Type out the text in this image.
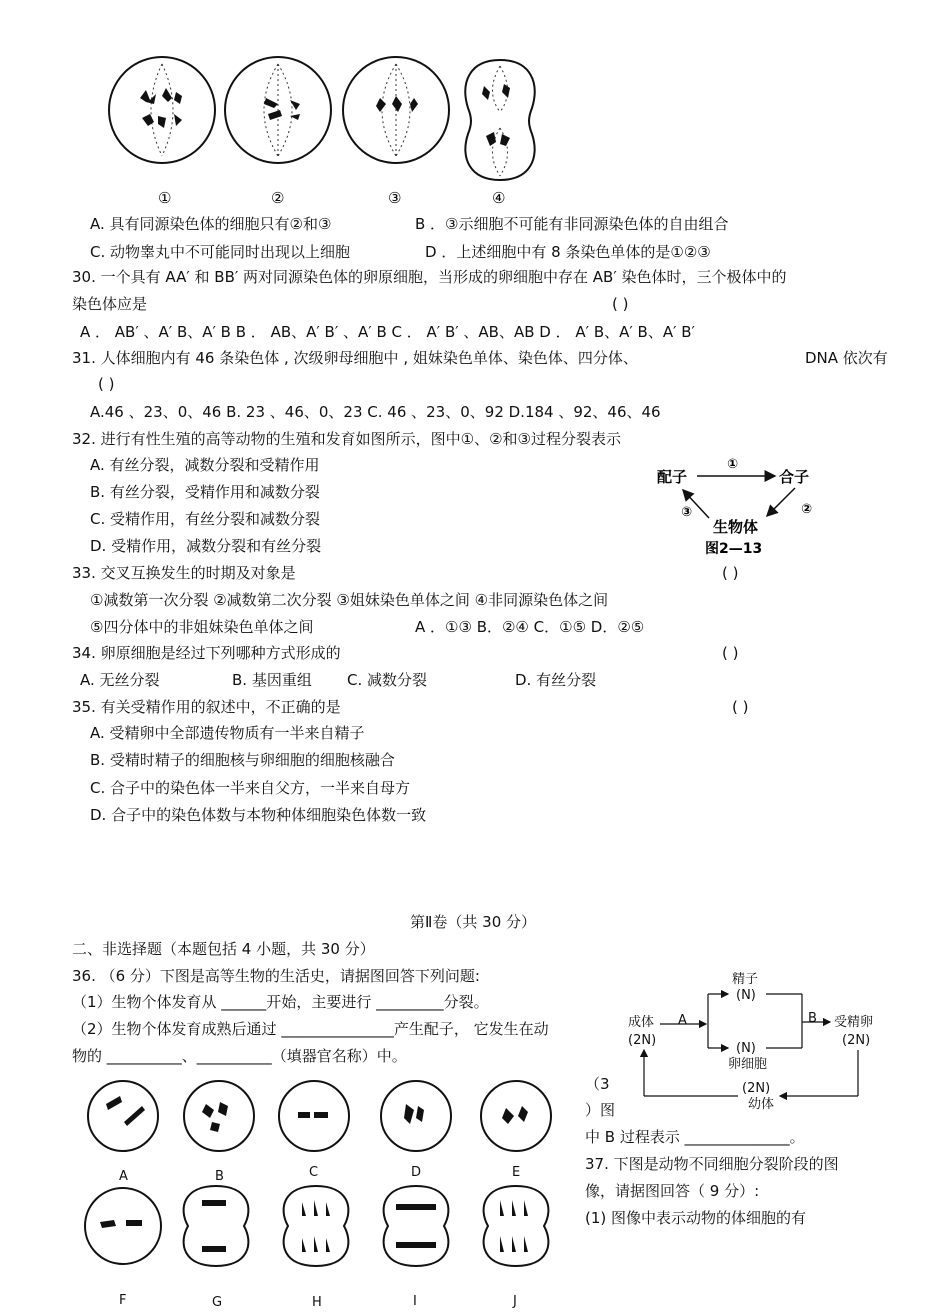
①	②	③	④
A. 具有同源染色体的细胞只有②和③	B ．③示细胞不可能有非同源染色体的自由组合
C. 动物睾丸中不可能同时出现以上细胞	D ．上述细胞中有 8 条染色单体的是①②③
30. 一个具有 AA′ 和 BB′ 两对同源染色体的卵原细胞，当形成的卵细胞中存在 AB′ 染色体时，三个极体中的
染色体应是	( )
A ． AB′ 、A′ B、A′ B B ． AB、A′ B′ 、A′ B C ． A′ B′ 、AB、AB D ． A′ B、A′ B、A′ B′
31. 人体细胞内有 46 条染色体 , 次级卵母细胞中 , 姐妹染色单体、染色体、四分体、	DNA 依次有
( )
A.46 、23、0、46 B. 23 、46、0、23 C. 46 、23、0、92 D.184 、92、46、46
32. 进行有性生殖的高等动物的生殖和发育如图所示，图中①、②和③过程分裂表示
A. 有丝分裂，减数分裂和受精作用
B. 有丝分裂，受精作用和减数分裂
C. 受精作用，有丝分裂和减数分裂
D. 受精作用，减数分裂和有丝分裂
配子	合子
生物体
①
②
③
图2—13
33. 交叉互换发生的时期及对象是	( )
①减数第一次分裂 ②减数第二次分裂 ③姐妹染色单体之间 ④非同源染色体之间
⑤四分体中的非姐妹染色单体之间	A ．①③ B．②④ C．①⑤ D．②⑤
34. 卵原细胞是经过下列哪种方式形成的	( )
A. 无丝分裂	B. 基因重组 C. 减数分裂	D. 有丝分裂
35. 有关受精作用的叙述中，不正确的是	( )
A. 受精卵中全部遗传物质有一半来自精子
B. 受精时精子的细胞核与卵细胞的细胞核融合
C. 合子中的染色体一半来自父方，一半来自母方
D. 合子中的染色体数与本物种体细胞染色体数一致
第Ⅱ卷（共 30 分）
二、非选择题（本题包括 4 小题，共 30 分）
36. （6 分）下图是高等生物的生活史，请据图回答下列问题:
（1）生物个体发育从 ______开始，主要进行 _________分裂。
（2）生物个体发育成熟后通过 _______________产生配子， 它发生在动
物的 __________、__________（填器官名称）中。
（3
）图
中 B 过程表示 ______________。
精子
(N)
成体
(2N)
A	B 受精卵
(2N)
(N)
卵细胞
(2N)
幼体
37. 下图是动物不同细胞分裂阶段的图
像，请据图回答（ 9 分）:
(1) 图像中表示动物的体细胞的有
A	B	C	D	E
F	G	H	I	J
